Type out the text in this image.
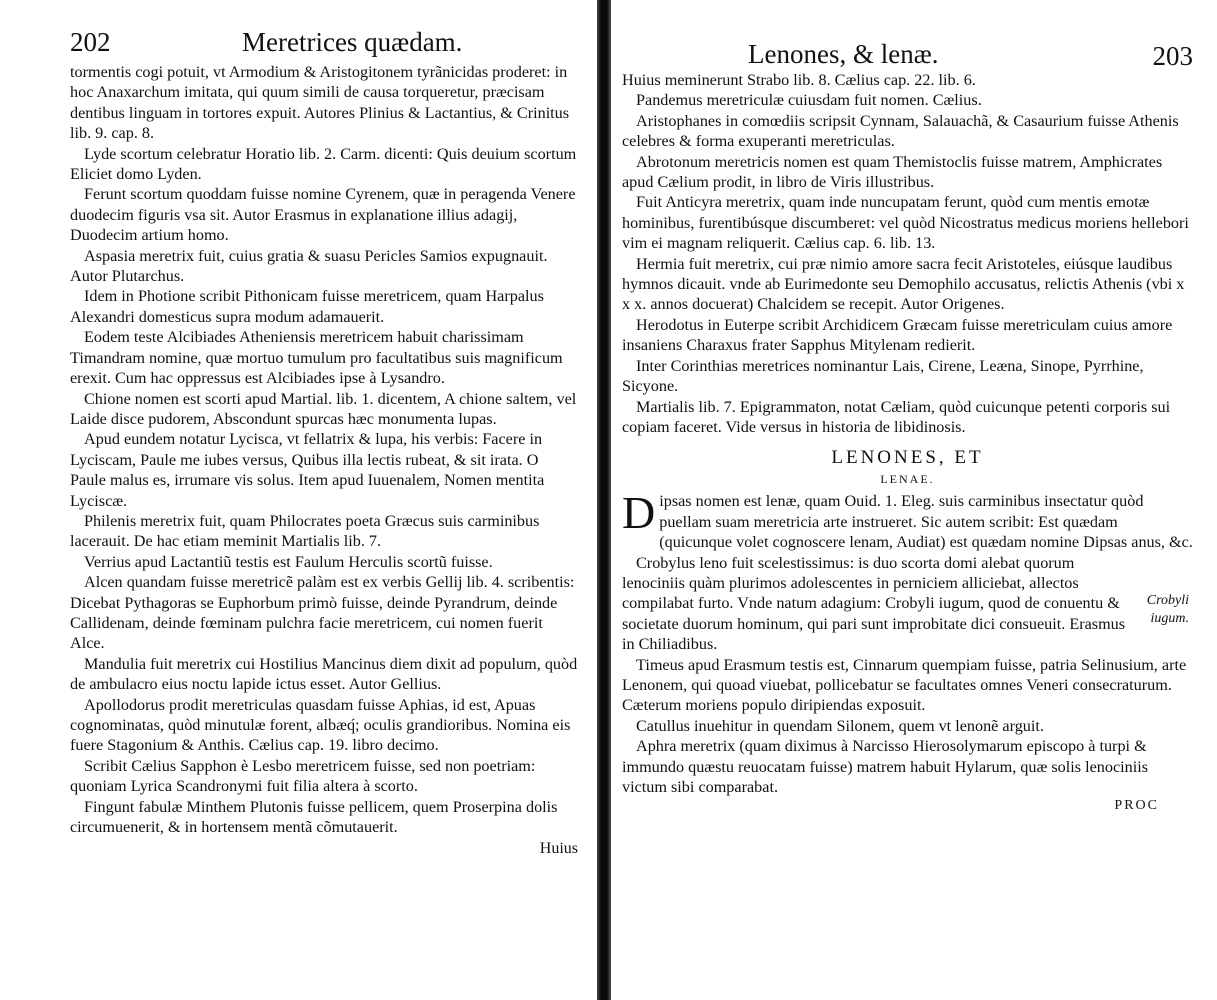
202	Meretrices quædam.

tormentis cogi potuit, vt Armodium & Aristogitonem tyrãnicidas proderet: in hoc Anaxarchum imitata, qui quum simili de causa torqueretur, præcisam dentibus linguam in tortores expuit. Autores Plinius & Lactantius, & Crinitus lib. 9. cap. 8.

Lyde scortum celebratur Horatio lib. 2. Carm. dicenti: Quis deuium scortum Eliciet domo Lyden.

Ferunt scortum quoddam fuisse nomine Cyrenem, quæ in peragenda Venere duodecim figuris vsa sit. Autor Erasmus in explanatione illius adagij, Duodecim artium homo.

Aspasia meretrix fuit, cuius gratia & suasu Pericles Samios expugnauit. Autor Plutarchus.

Idem in Photione scribit Pithonicam fuisse meretricem, quam Harpalus Alexandri domesticus supra modum adamauerit.

Eodem teste Alcibiades Atheniensis meretricem habuit charissimam Timandram nomine, quæ mortuo tumulum pro facultatibus suis magnificum erexit. Cum hac oppressus est Alcibiades ipse à Lysandro.

Chione nomen est scorti apud Martial. lib. 1. dicentem, A chione saltem, vel Laide disce pudorem, Abscondunt spurcas hæc monumenta lupas.

Apud eundem notatur Lycisca, vt fellatrix & lupa, his verbis: Facere in Lyciscam, Paule me iubes versus, Quibus illa lectis rubeat, & sit irata. O Paule malus es, irrumare vis solus. Item apud Iuuenalem, Nomen mentita Lyciscæ.

Philenis meretrix fuit, quam Philocrates poeta Græcus suis carminibus lacerauit. De hac etiam meminit Martialis lib. 7.

Verrius apud Lactantiũ testis est Faulum Herculis scortũ fuisse.

Alcen quandam fuisse meretricẽ palàm est ex verbis Gellij lib. 4. scribentis: Dicebat Pythagoras se Euphorbum primò fuisse, deinde Pyrandrum, deinde Callidenam, deinde fœminam pulchra facie meretricem, cui nomen fuerit Alce.

Mandulia fuit meretrix cui Hostilius Mancinus diem dixit ad populum, quòd de ambulacro eius noctu lapide ictus esset. Autor Gellius.

Apollodorus prodit meretriculas quasdam fuisse Aphias, id est, Apuas cognominatas, quòd minutulæ forent, albæq́; oculis grandioribus. Nomina eis fuere Stagonium & Anthis. Cælius cap. 19. libro decimo.

Scribit Cælius Sapphon è Lesbo meretricem fuisse, sed non poetriam: quoniam Lyrica Scandronymi fuit filia altera à scorto.

Fingunt fabulæ Minthem Plutonis fuisse pellicem, quem Proserpina dolis circumuenerit, & in hortensem mentã cõmutauerit.

Huius

Lenones, & lenæ.	203

Huius meminerunt Strabo lib. 8. Cælius cap. 22. lib. 6.

Pandemus meretriculæ cuiusdam fuit nomen. Cælius.

Aristophanes in comœdiis scripsit Cynnam, Salauachã, & Casaurium fuisse Athenis celebres & forma exuperanti meretriculas.

Abrotonum meretricis nomen est quam Themistoclis fuisse matrem, Amphicrates apud Cælium prodit, in libro de Viris illustribus.

Fuit Anticyra meretrix, quam inde nuncupatam ferunt, quòd cum mentis emotæ hominibus, furentibúsque discumberet: vel quòd Nicostratus medicus moriens hellebori vim ei magnam reliquerit. Cælius cap. 6. lib. 13.

Hermia fuit meretrix, cui præ nimio amore sacra fecit Aristoteles, eiúsque laudibus hymnos dicauit. vnde ab Eurimedonte seu Demophilo accusatus, relictis Athenis (vbi x x x. annos docuerat) Chalcidem se recepit. Autor Origenes.

Herodotus in Euterpe scribit Archidicem Græcam fuisse meretriculam cuius amore insaniens Charaxus frater Sapphus Mitylenam redierit.

Inter Corinthias meretrices nominantur Lais, Cirene, Leæna, Sinope, Pyrrhine, Sicyone.

Martialis lib. 7. Epigrammaton, notat Cæliam, quòd cuicunque petenti corporis sui copiam faceret. Vide versus in historia de libidinosis.

LENONES, ET

LENAE.

Dipsas nomen est lenæ, quam Ouid. 1. Eleg. suis carminibus insectatur quòd puellam suam meretricia arte instrueret. Sic autem scribit: Est quædam (quicunque volet cognoscere lenam, Audiat) est quædam nomine Dipsas anus, &c.

Crobylus leno fuit scelestissimus: is duo scorta domi alebat quorum lenociniis quàm plurimos adolescentes in perniciem alliciebat, allectos compilabat furto. Vnde natum adagium: Crobyli iugum, quod de conuentu & societate duorum hominum, qui pari sunt improbitate dici consueuit. Erasmus in Chiliadibus.

Crobyli
iugum.

Timeus apud Erasmum testis est, Cinnarum quempiam fuisse, patria Selinusium, arte Lenonem, qui quoad viuebat, pollicebatur se facultates omnes Veneri consecraturum. Cæterum moriens populo diripiendas exposuit.

Catullus inuehitur in quendam Silonem, quem vt lenonẽ arguit.

Aphra meretrix (quam diximus à Narcisso Hierosolymarum episcopo à turpi & immundo quæstu reuocatam fuisse) matrem habuit Hylarum, quæ solis lenociniis victum sibi comparabat.

PROC
